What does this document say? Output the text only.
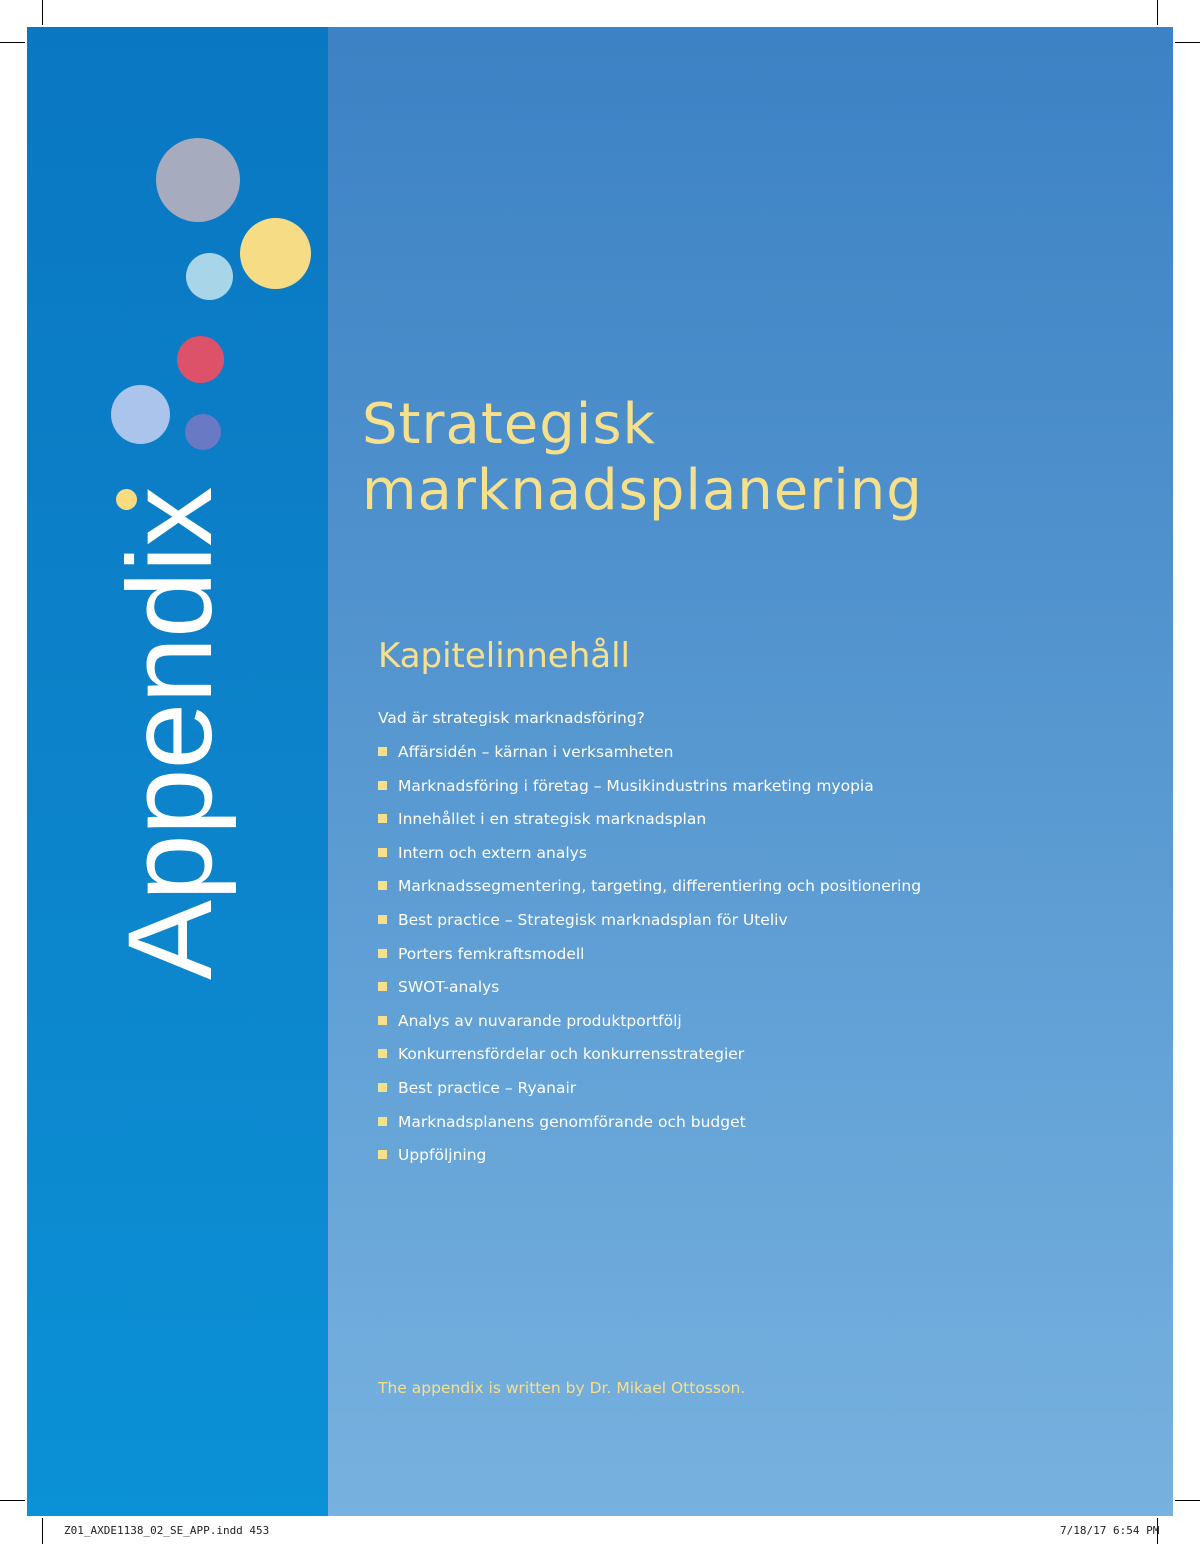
Appendix
Strategisk
marknadsplanering
Kapitelinnehåll
Vad är strategisk marknadsföring?
Affärsidén – kärnan i verksamheten
Marknadsföring i företag – Musikindustrins marketing myopia
Innehållet i en strategisk marknadsplan
Intern och extern analys
Marknadssegmentering, targeting, differentiering och positionering
Best practice – Strategisk marknadsplan för Uteliv
Porters femkraftsmodell
SWOT-analys
Analys av nuvarande produktportfölj
Konkurrensfördelar och konkurrensstrategier
Best practice – Ryanair
Marknadsplanens genomförande och budget
Uppföljning
The appendix is written by Dr. Mikael Ottosson.
Z01_AXDE1138_02_SE_APP.indd 453	7/18/17 6:54 PM
